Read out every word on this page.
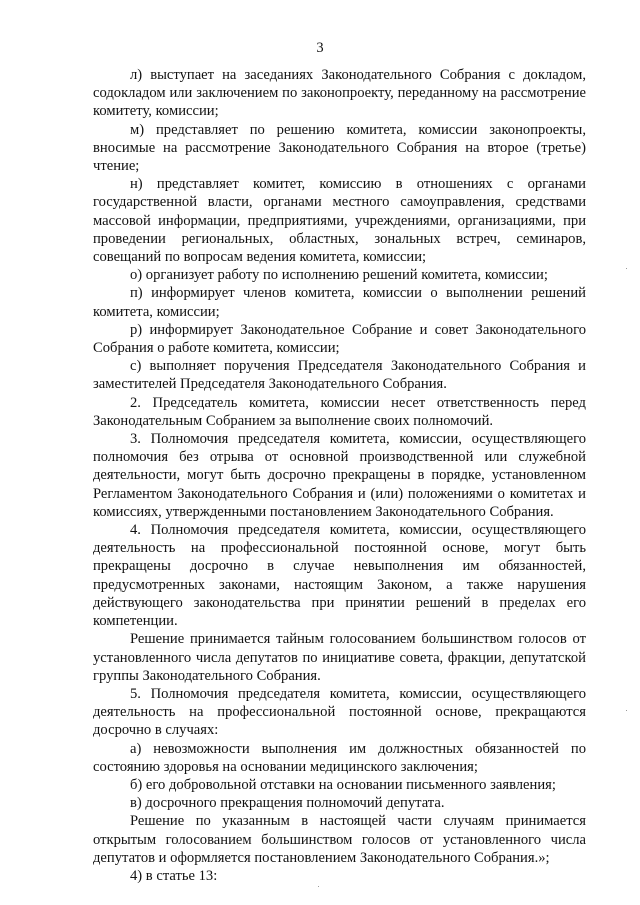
3

л) выступает на заседаниях Законодательного Собрания с докладом, содокладом или заключением по законопроекту, переданному на рассмотрение комитету, комиссии;

м) представляет по решению комитета, комиссии законопроекты, вносимые на рассмотрение Законодательного Собрания на второе (третье) чтение;

н) представляет комитет, комиссию в отношениях с органами государственной власти, органами местного самоуправления, средствами массовой информации, предприятиями, учреждениями, организациями, при проведении региональных, областных, зональных встреч, семинаров, совещаний по вопросам ведения комитета, комиссии;

о) организует работу по исполнению решений комитета, комиссии;

п) информирует членов комитета, комиссии о выполнении решений комитета, комиссии;

р) информирует Законодательное Собрание и совет Законодательного Собрания о работе комитета, комиссии;

с) выполняет поручения Председателя Законодательного Собрания и заместителей Председателя Законодательного Собрания.

2. Председатель комитета, комиссии несет ответственность перед Законодательным Собранием за выполнение своих полномочий.

3. Полномочия председателя комитета, комиссии, осуществляющего полномочия без отрыва от основной производственной или служебной деятельности, могут быть досрочно прекращены в порядке, установленном Регламентом Законодательного Собрания и (или) положениями о комитетах и комиссиях, утвержденными постановлением Законодательного Собрания.

4. Полномочия председателя комитета, комиссии, осуществляющего деятельность на профессиональной постоянной основе, могут быть прекращены досрочно в случае невыполнения им обязанностей, предусмотренных законами, настоящим Законом, а также нарушения действующего законодательства при принятии решений в пределах его компетенции.

Решение принимается тайным голосованием большинством голосов от установленного числа депутатов по инициативе совета, фракции, депутатской группы Законодательного Собрания.

5. Полномочия председателя комитета, комиссии, осуществляющего деятельность на профессиональной постоянной основе, прекращаются досрочно в случаях:

а) невозможности выполнения им должностных обязанностей по состоянию здоровья на основании медицинского заключения;

б) его добровольной отставки на основании письменного заявления;

в) досрочного прекращения полномочий депутата.

Решение по указанным в настоящей части случаям принимается открытым голосованием большинством голосов от установленного числа депутатов и оформляется постановлением Законодательного Собрания.»;

4) в статье 13:
